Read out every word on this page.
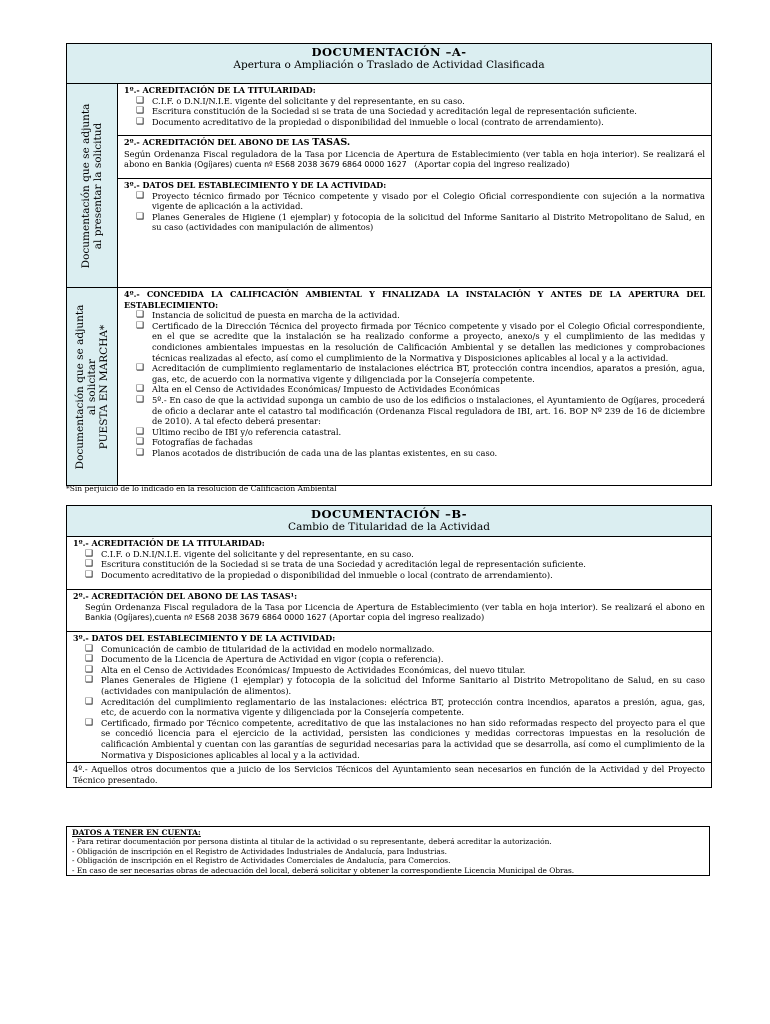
DOCUMENTACIÓN –A-
Apertura o Ampliación o Traslado de Actividad Clasificada
Documentación que se adjunta al presentar la solicitud
1º.- ACREDITACIÓN DE LA TITULARIDAD:
❑ C.I.F. o D.N.I/N.I.E. vigente del solicitante y del representante, en su caso.
❑ Escritura constitución de la Sociedad si se trata de una Sociedad y acreditación legal de representación suficiente.
❑ Documento acreditativo de la propiedad o disponibilidad del inmueble o local (contrato de arrendamiento).
2º.- ACREDITACIÓN DEL ABONO DE LAS TASAS.
Según Ordenanza Fiscal reguladora de la Tasa por Licencia de Apertura de Establecimiento (ver tabla en hoja interior). Se realizará el abono en Bankia (Ogíjares) cuenta nº ES68 2038 3679 6864 0000 1627 (Aportar copia del ingreso realizado)
3º.- DATOS DEL ESTABLECIMIENTO Y DE LA ACTIVIDAD:
❑ Proyecto técnico firmado por Técnico competente y visado por el Colegio Oficial correspondiente con sujeción a la normativa vigente de aplicación a la actividad.
❑ Planes Generales de Higiene (1 ejemplar) y fotocopia de la solicitud del Informe Sanitario al Distrito Metropolitano de Salud, en su caso (actividades con manipulación de alimentos)
Documentación que se adjunta al solicitar PUESTA EN MARCHA*
4º.- CONCEDIDA LA CALIFICACIÓN AMBIENTAL Y FINALIZADA LA INSTALACIÓN Y ANTES DE LA APERTURA DEL ESTABLECIMIENTO:
❑ Instancia de solicitud de puesta en marcha de la actividad.
❑ Certificado de la Dirección Técnica del proyecto firmada por Técnico competente y visado por el Colegio Oficial correspondiente, en el que se acredite que la instalación se ha realizado conforme a proyecto, anexo/s y el cumplimiento de las medidas y condiciones ambientales impuestas en la resolución de Calificación Ambiental y se detallen las mediciones y comprobaciones técnicas realizadas al efecto, así como el cumplimiento de la Normativa y Disposiciones aplicables al local y a la actividad.
❑ Acreditación de cumplimiento reglamentario de instalaciones eléctrica BT, protección contra incendios, aparatos a presión, agua, gas, etc, de acuerdo con la normativa vigente y diligenciada por la Consejería competente.
❑ Alta en el Censo de Actividades Económicas/ Impuesto de Actividades Económicas
❑ 5º.- En caso de que la actividad suponga un cambio de uso de los edificios o instalaciones, el Ayuntamiento de Ogíjares, procederá de oficio a declarar ante el catastro tal modificación (Ordenanza Fiscal reguladora de IBI, art. 16. BOP Nº 239 de 16 de diciembre de 2010). A tal efecto deberá presentar:
❑ Ultimo recibo de IBI y/o referencia catastral.
❑ Fotografías de fachadas
❑ Planos acotados de distribución de cada una de las plantas existentes, en su caso.
*Sin perjuicio de lo indicado en la resolución de Calificación Ambiental
DOCUMENTACIÓN –B-
Cambio de Titularidad de la Actividad
1º.- ACREDITACIÓN DE LA TITULARIDAD:
❑ C.I.F. o D.N.I/N.I.E. vigente del solicitante y del representante, en su caso.
❑ Escritura constitución de la Sociedad si se trata de una Sociedad y acreditación legal de representación suficiente.
❑ Documento acreditativo de la propiedad o disponibilidad del inmueble o local (contrato de arrendamiento).
2º.- ACREDITACIÓN DEL ABONO DE LAS TASAS¹:
Según Ordenanza Fiscal reguladora de la Tasa por Licencia de Apertura de Establecimiento (ver tabla en hoja interior). Se realizará el abono en Bankia (Ogíjares),cuenta nº ES68 2038 3679 6864 0000 1627 (Aportar copia del ingreso realizado)
3º.- DATOS DEL ESTABLECIMIENTO Y DE LA ACTIVIDAD:
❑ Comunicación de cambio de titularidad de la actividad en modelo normalizado.
❑ Documento de la Licencia de Apertura de Actividad en vigor (copia o referencia).
❑ Alta en el Censo de Actividades Económicas/ Impuesto de Actividades Económicas, del nuevo titular.
❑ Planes Generales de Higiene (1 ejemplar) y fotocopia de la solicitud del Informe Sanitario al Distrito Metropolitano de Salud, en su caso (actividades con manipulación de alimentos).
❑ Acreditación del cumplimiento reglamentario de las instalaciones: eléctrica BT, protección contra incendios, aparatos a presión, agua, gas, etc, de acuerdo con la normativa vigente y diligenciada por la Consejería competente.
❑ Certificado, firmado por Técnico competente, acreditativo de que las instalaciones no han sido reformadas respecto del proyecto para el que se concedió licencia para el ejercicio de la actividad, persisten las condiciones y medidas correctoras impuestas en la resolución de calificación Ambiental y cuentan con las garantías de seguridad necesarias para la actividad que se desarrolla, así como el cumplimiento de la Normativa y Disposiciones aplicables al local y a la actividad.
4º.- Aquellos otros documentos que a juicio de los Servicios Técnicos del Ayuntamiento sean necesarios en función de la Actividad y del Proyecto Técnico presentado.
DATOS A TENER EN CUENTA:
- Para retirar documentación por persona distinta al titular de la actividad o su representante, deberá acreditar la autorización.
- Obligación de inscripción en el Registro de Actividades Industriales de Andalucía, para Industrias.
- Obligación de inscripción en el Registro de Actividades Comerciales de Andalucía, para Comercios.
- En caso de ser necesarias obras de adecuación del local, deberá solicitar y obtener la correspondiente Licencia Municipal de Obras.
